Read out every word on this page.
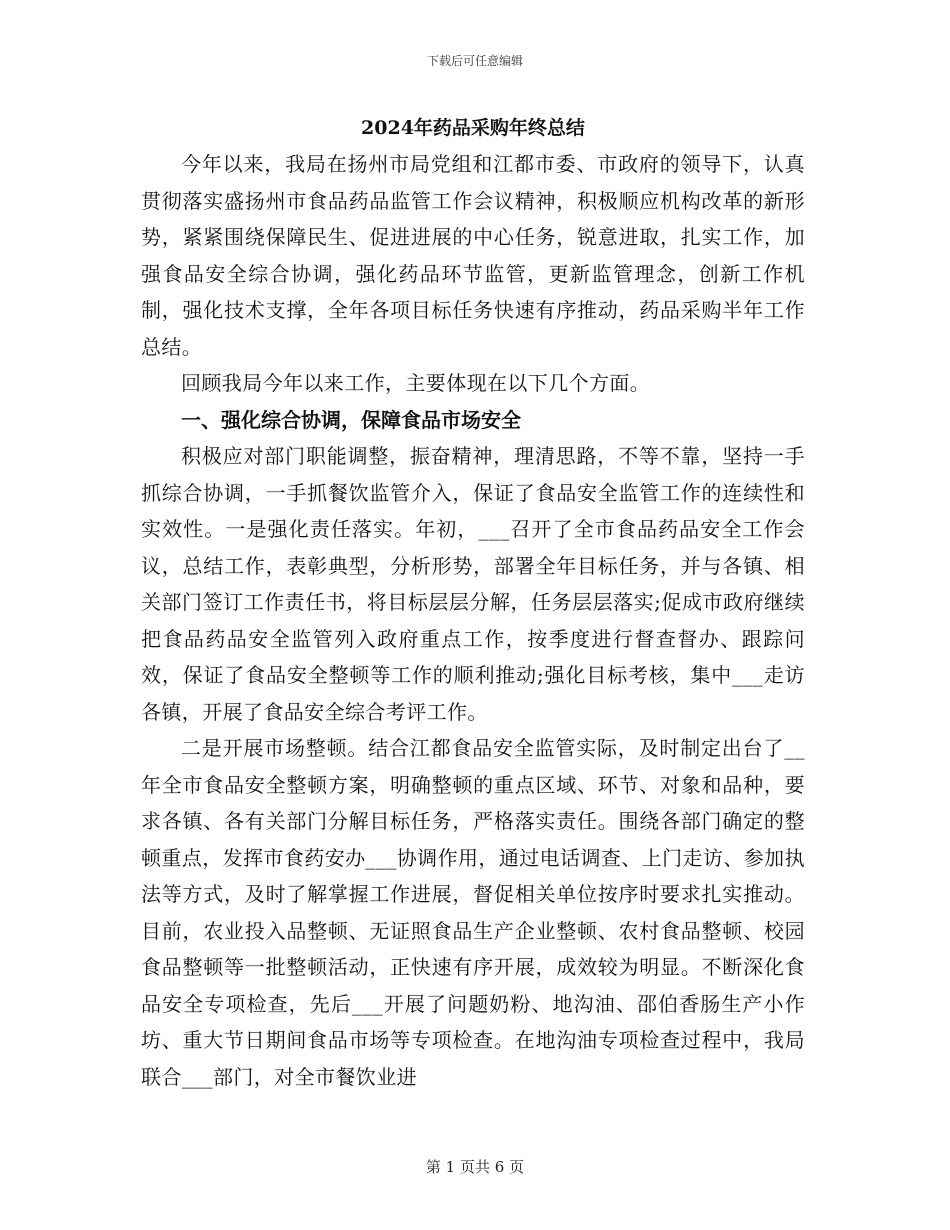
下载后可任意编辑
2024年药品采购年终总结

今年以来，我局在扬州市局党组和江都市委、市政府的领导下，认真贯彻落实盛扬州市食品药品监管工作会议精神，积极顺应机构改革的新形势，紧紧围绕保障民生、促进进展的中心任务，锐意进取，扎实工作，加强食品安全综合协调，强化药品环节监管，更新监管理念，创新工作机制，强化技术支撑，全年各项目标任务快速有序推动，药品采购半年工作总结。

回顾我局今年以来工作，主要体现在以下几个方面。

一、强化综合协调，保障食品市场安全

积极应对部门职能调整，振奋精神，理清思路，不等不靠，坚持一手抓综合协调，一手抓餐饮监管介入，保证了食品安全监管工作的连续性和实效性。一是强化责任落实。年初，___召开了全市食品药品安全工作会议，总结工作，表彰典型，分析形势，部署全年目标任务，并与各镇、相关部门签订工作责任书，将目标层层分解，任务层层落实;促成市政府继续把食品药品安全监管列入政府重点工作，按季度进行督查督办、跟踪问效，保证了食品安全整顿等工作的顺利推动;强化目标考核，集中___走访各镇，开展了食品安全综合考评工作。

二是开展市场整顿。结合江都食品安全监管实际，及时制定出台了__年全市食品安全整顿方案，明确整顿的重点区域、环节、对象和品种，要求各镇、各有关部门分解目标任务，严格落实责任。围绕各部门确定的整顿重点，发挥市食药安办___协调作用，通过电话调查、上门走访、参加执法等方式，及时了解掌握工作进展，督促相关单位按序时要求扎实推动。目前，农业投入品整顿、无证照食品生产企业整顿、农村食品整顿、校园食品整顿等一批整顿活动，正快速有序开展，成效较为明显。不断深化食品安全专项检查，先后___开展了问题奶粉、地沟油、邵伯香肠生产小作坊、重大节日期间食品市场等专项检查。在地沟油专项检查过程中，我局联合___部门，对全市餐饮业进

第 1 页共 6 页
